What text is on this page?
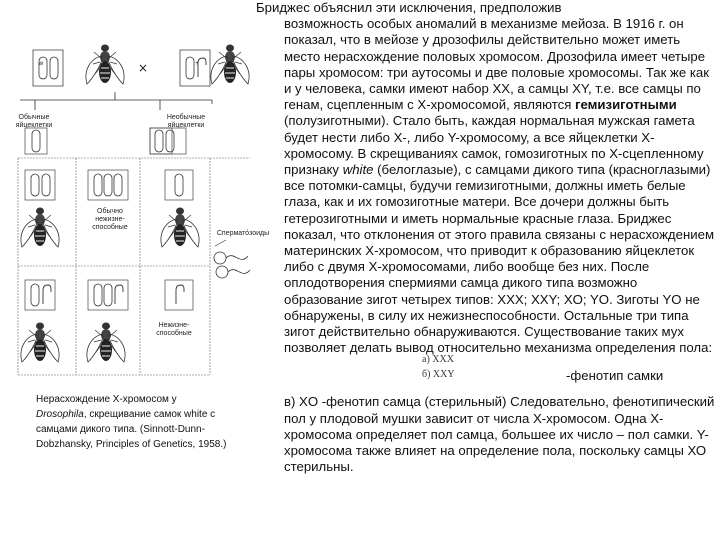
×
Обычные
яйцеклетки
Необычные
яйцеклетки
Обычно
нежизне-
способные
Спермато́зоиды
Нежизне-
способные
w	+
Нерасхождение X-хромосом у
Drosophila, скрещивание самок white с
самцами дикого типа. (Sinnott-Dunn-
Dobzhansky, Principles of Genetics, 1958.)

Бриджес объяснил эти исключения, предположив

возможность особых аномалий в механизме мейоза. В 1916 г. он показал, что в мейозе у дрозофилы действительно может иметь место нерасхождение половых хромосом. Дрозофила имеет четыре пары хромосом: три аутосомы и две половые хромосомы. Так же как и у человека, самки имеют набор ХХ, а самцы ХY, т.е. все самцы по генам, сцепленным с Х-хромосомой, являются гемизиготными (полузиготными). Стало быть, каждая нормальная мужская гамета будет нести либо Х-, либо Y-хромосому, а все яйцеклетки Х-хромосому. В скрещиваниях самок, гомозиготных по Х-сцепленному признаку white (белоглазые), с самцами дикого типа (красноглазыми) все потомки-самцы, будучи гемизиготными, должны иметь белые глаза, как и их гомозиготные матери. Все дочери должны быть гетерозиготными и иметь нормальные красные глаза. Бриджес показал, что отклонения от этого правила связаны с нерасхождением материнских Х-хромосом, что приводит к образованию яйцеклеток либо с двумя Х-хромосомами, либо вообще без них. После оплодотворения спермиями самца дикого типа возможно образование зигот четырех типов: ХХХ; XXY; XO; YO. Зиготы YO не обнаружены, в силу их нежизнеспособности. Остальные три типа зигот действительно обнаруживаются. Существование таких мух позволяет делать вывод относительно механизма определения пола:

а) XXX
б) XXY	-фенотип самки

в) XO -фенотип самца (стерильный) Следовательно, фенотипический пол у плодовой мушки зависит от числа Х-хромосом. Одна Х-хромосома определяет пол самца, большее их число – пол самки. Y-хромосома также влияет на определение пола, поскольку самцы ХО стерильны.
